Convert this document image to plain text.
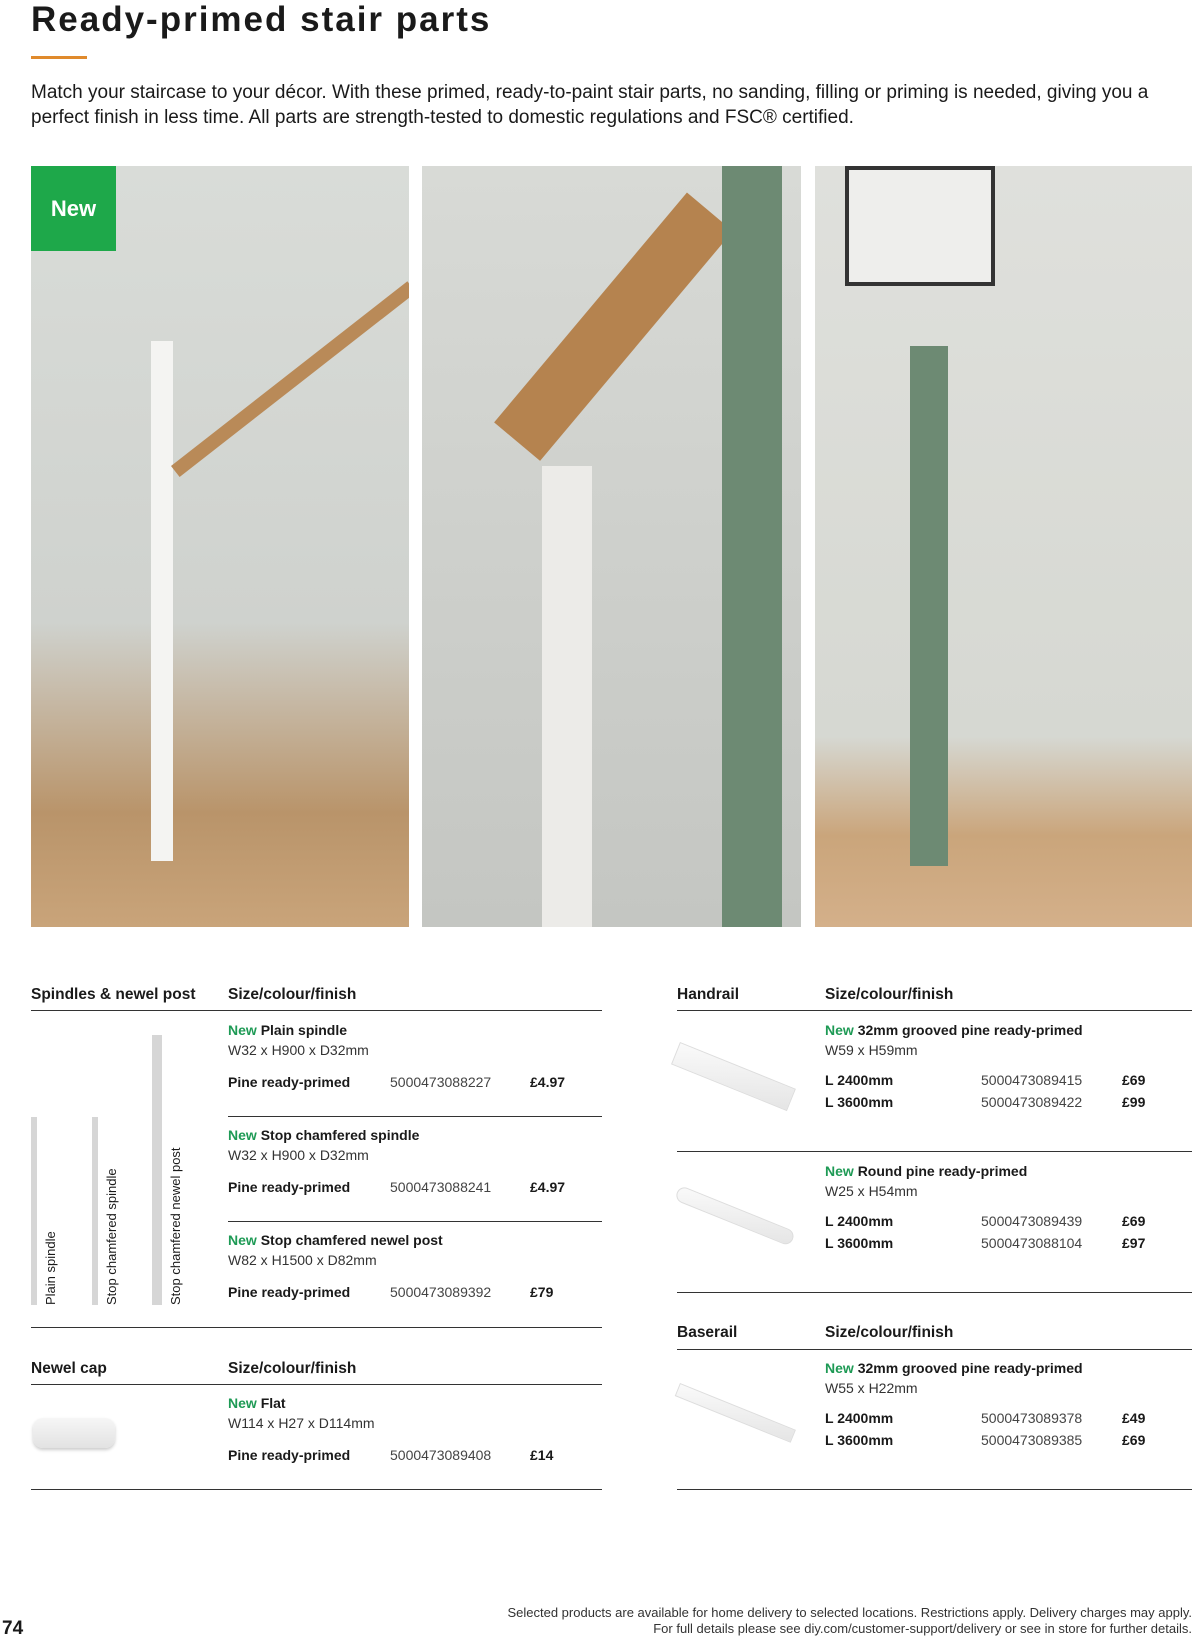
Ready-primed stair parts
Match your staircase to your décor. With these primed, ready-to-paint stair parts, no sanding, filling or priming is needed, giving you a perfect finish in less time. All parts are strength-tested to domestic regulations and FSC® certified.
New
Spindles & newel post Size/colour/finish
Plain spindle	Stop chamfered spindle	Stop chamfered newel post
New Plain spindle
W32 x H900 x D32mm
Pine ready-primed	5000473088227	£4.97
New Stop chamfered spindle
W32 x H900 x D32mm
Pine ready-primed	5000473088241	£4.97
New Stop chamfered newel post
W82 x H1500 x D82mm
Pine ready-primed	5000473089392	£79
Newel cap	Size/colour/finish
New Flat
W114 x H27 x D114mm
Pine ready-primed	5000473089408	£14
Handrail	Size/colour/finish
New 32mm grooved pine ready-primed
W59 x H59mm
L 2400mm	5000473089415	£69
L 3600mm	5000473089422	£99
New Round pine ready-primed
W25 x H54mm
L 2400mm	5000473089439	£69
L 3600mm	5000473088104	£97
Baserail	Size/colour/finish
New 32mm grooved pine ready-primed
W55 x H22mm
L 2400mm	5000473089378	£49
L 3600mm	5000473089385	£69
Selected products are available for home delivery to selected locations. Restrictions apply. Delivery charges may apply.
For full details please see diy.com/customer-support/delivery or see in store for further details.
74
